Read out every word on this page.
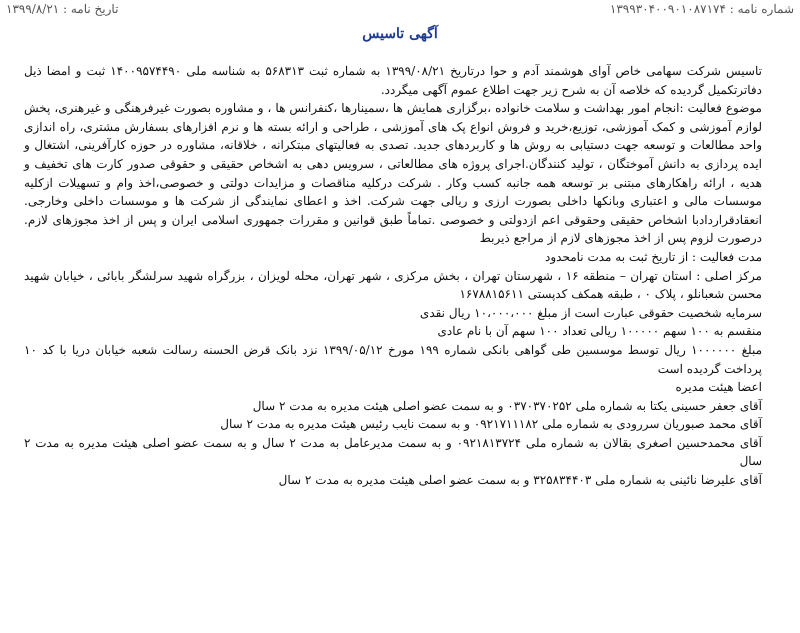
شماره نامه : ۱۳۹۹۳۰۴۰۰۹۰۱۰۸۷۱۷۴
تاریخ نامه : ۱۳۹۹/۸/۲۱
آگهی تاسیس

تاسیس شرکت سهامی خاص آوای هوشمند آدم و حوا درتاریخ ۱۳۹۹/۰۸/۲۱ به شماره ثبت ۵۶۸۳۱۳ به شناسه ملی ۱۴۰۰۹۵۷۴۴۹۰ ثبت و امضا ذیل دفاترتکمیل گردیده که خلاصه آن به شرح زیر جهت اطلاع عموم آگهی میگردد.

موضوع فعالیت :انجام امور بهداشت و سلامت خانواده ،برگزاری همایش ها ،سمینارها ،کنفرانس ها ، و مشاوره بصورت غیرفرهنگی و غیرهنری، پخش لوازم آموزشی و کمک آموزشی، توزیع،خرید و فروش انواع پک های آموزشی ، طراحی و ارائه بسته ها و نرم افزارهای بسفارش مشتری، راه اندازی واحد مطالعات و توسعه جهت دستیابی به روش ها و کاربردهای جدید. تصدی به فعالیتهای مبتکرانه ، خلاقانه، مشاوره در حوزه کارآفرینی، اشتغال و ایده پردازی به دانش آموختگان ، تولید کنندگان.اجرای پروژه های مطالعاتی ، سرویس دهی به اشخاص حقیقی و حقوقی صدور کارت های تخفیف و هدیه ، ارائه راهکارهای مبتنی بر توسعه همه جانبه کسب وکار . شرکت درکلیه مناقصات و مزایدات دولتی و خصوصی،اخذ وام و تسهیلات ازکلیه موسسات مالی و اعتباری وبانکها داخلی بصورت ارزی و ریالی جهت شرکت. اخذ و اعطای نمایندگی از شرکت ها و موسسات داخلی وخارجی. انعقادقراردادبا اشخاص حقیقی وحقوقی اعم ازدولتی و خصوصی .تماماً طبق قوانین و مقررات جمهوری اسلامی ایران و پس از اخذ مجوزهای لازم. درصورت لزوم پس از اخذ مجوزهای لازم از مراجع ذیربط

مدت فعالیت : از تاریخ ثبت به مدت نامحدود

مرکز اصلی : استان تهران – منطقه ۱۶ ، شهرستان تهران ، بخش مرکزی ، شهر تهران، محله لویزان ، بزرگراه شهید سرلشگر بابائی ، خیابان شهید محسن شعبانلو ، پلاک ۰ ، طبقه همکف کدپستی ۱۶۷۸۸۱۵۶۱۱

سرمایه شخصیت حقوقی عبارت است از مبلغ ۱۰،۰۰۰،۰۰۰ ریال نقدی

منقسم به ۱۰۰ سهم ۱۰۰۰۰۰ ریالی تعداد ۱۰۰ سهم آن با نام عادی

مبلغ ۱۰۰۰۰۰۰ ریال توسط موسسین طی گواهی بانکی شماره ۱۹۹ مورخ ۱۳۹۹/۰۵/۱۲ نزد بانک قرض الحسنه رسالت شعبه خیابان دریا با کد ۱۰ پرداخت گردیده است

اعضا هیئت مدیره

آقای جعفر حسینی یکتا به شماره ملی ۰۳۷۰۳۷۰۲۵۲ و به سمت عضو اصلی هیئت مدیره به مدت ۲ سال

آقای محمد صبوریان سررودی به شماره ملی ۰۹۲۱۷۱۱۱۸۲ و به سمت نایب رئیس هیئت مدیره به مدت ۲ سال

آقای محمدحسین اصغری بقالان به شماره ملی ۰۹۲۱۸۱۳۷۲۴ و به سمت مدیرعامل به مدت ۲ سال و به سمت عضو اصلی هیئت مدیره به مدت ۲ سال

آقای علیرضا نائینی به شماره ملی ۳۲۵۸۳۴۴۰۳ و به سمت عضو اصلی هیئت مدیره به مدت ۲ سال
